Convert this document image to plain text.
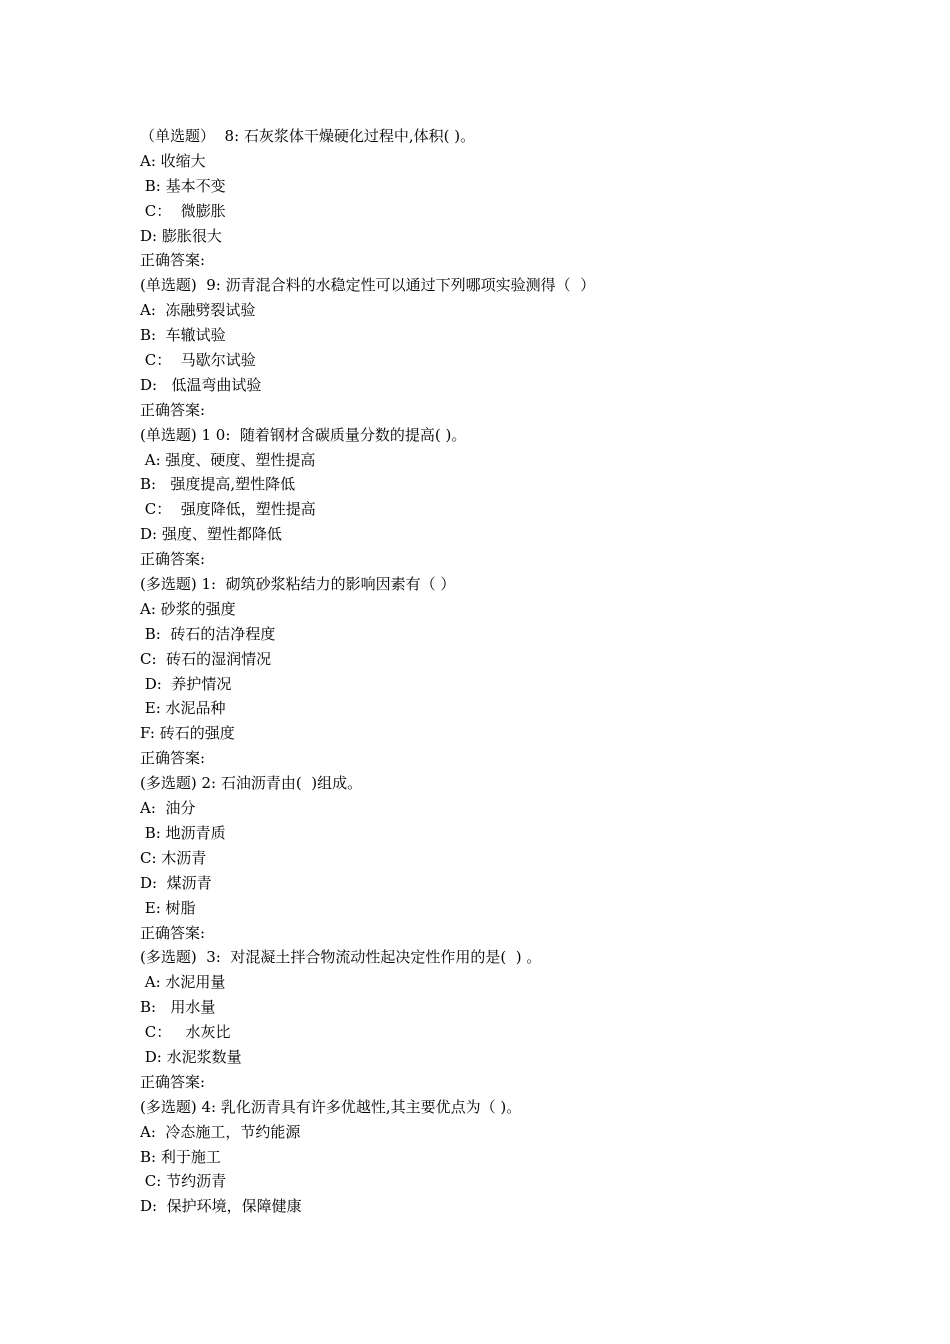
（单选题）  8: 石灰浆体干燥硬化过程中,体积( )。
A: 收缩大
B: 基本不变
C：  微膨胀
D: 膨胀很大
正确答案:
(单选题)  9: 沥青混合料的水稳定性可以通过下列哪项实验测得（  ）
A:  冻融劈裂试验
B:  车辙试验
C：  马歇尔试验
D:   低温弯曲试验
正确答案:
(单选题) 1 0:  随着钢材含碳质量分数的提高( )。
A: 强度、硬度、塑性提高
B:   强度提高,塑性降低
C：  强度降低，塑性提高
D: 强度、塑性都降低
正确答案:
(多选题) 1:  砌筑砂浆粘结力的影响因素有（ ）
A: 砂浆的强度
B:  砖石的洁净程度
C:  砖石的湿润情况
D:  养护情况
E: 水泥品种
F: 砖石的强度
正确答案:
(多选题) 2: 石油沥青由(  )组成。
A:  油分
B: 地沥青质
C: 木沥青
D:  煤沥青
E: 树脂
正确答案:
(多选题)  3:  对混凝土拌合物流动性起决定性作用的是(  ) 。
A: 水泥用量
B:   用水量
C：   水灰比
D: 水泥浆数量
正确答案:
(多选题) 4: 乳化沥青具有许多优越性,其主要优点为（ )。
A:  冷态施工，节约能源
B: 利于施工
C: 节约沥青
D:  保护环境，保障健康
